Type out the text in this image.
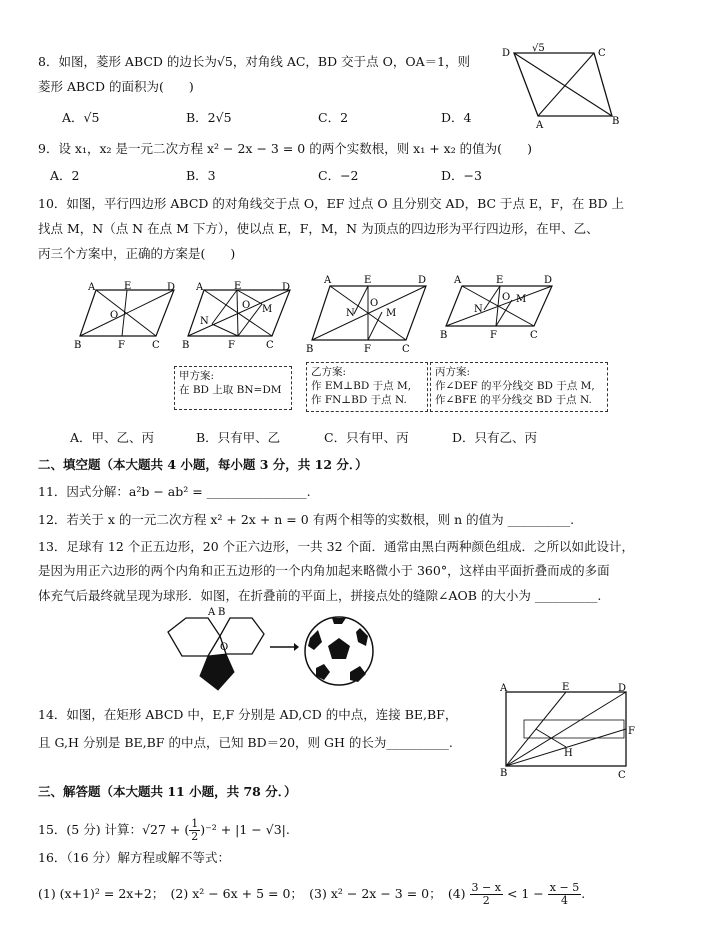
8．如图，菱形 ABCD 的边长为√5，对角线 AC，BD 交于点 O，OA＝1，则
菱形 ABCD 的面积为(　　)
A．√5	B．2√5	C．2	D．4
D √5	C
A	B
9．设 x₁，x₂ 是一元二次方程 x² − 2x − 3 = 0 的两个实数根，则 x₁ + x₂ 的值为(　　)
A．2	B．3	C．−2	D．−3
10．如图，平行四边形 ABCD 的对角线交于点 O，EF 过点 O 且分别交 AD，BC 于点 E，F，在 BD 上
找点 M，N（点 N 在点 M 下方），使以点 E，F，M，N 为顶点的四边形为平行四边形，在甲、乙、
丙三个方案中，正确的方案是(　　)
A	E	D
O
B	F	C
A	E	D
N
O M
B	F	C
A	E	D
N
O
M
B	F	C
A	E	D
N
O M
B	F	C
甲方案:
在 BD 上取 BN=DM
乙方案:
作 EM⊥BD 于点 M,
作 FN⊥BD 于点 N.
丙方案:
作∠DEF 的平分线交 BD 于点 M,
作∠BFE 的平分线交 BD 于点 N.
A．甲、乙、丙	B．只有甲、乙	C．只有甲、丙	D．只有乙、丙
二、填空题（本大题共 4 小题，每小题 3 分，共 12 分．）
11．因式分解：a²b − ab² = ________________.
12．若关于 x 的一元二次方程 x² + 2x + n = 0 有两个相等的实数根，则 n 的值为 __________.
13．足球有 12 个正五边形，20 个正六边形，一共 32 个面．通常由黑白两种颜色组成．之所以如此设计，
是因为用正六边形的两个内角和正五边形的一个内角加起来略微小于 360°，这样由平面折叠而成的多面
体充气后最终就呈现为球形．如图，在折叠前的平面上，拼接点处的缝隙∠AOB 的大小为 __________.
A B
O
14．如图，在矩形 ABCD 中，E,F 分别是 AD,CD 的中点，连接 BE,BF，
且 G,H 分别是 BE,BF 的中点，已知 BD＝20，则 GH 的长为__________.
A	E	D
F
H
B	C
三、解答题（本大题共 11 小题，共 78 分．）
15．(5 分) 计算：√27 + ( $\frac{1}{2} )^{-2} + |1 - √3|$.
16．（16 分）解方程或解不等式：
(1) (x+1)² = 2x+2；　(2) x² − 6x + 5 = 0；　(3) x² − 2x − 3 = 0；　$(4) \frac{3 - x}{2} < 1 - \frac{x - 5}{4}$ .
